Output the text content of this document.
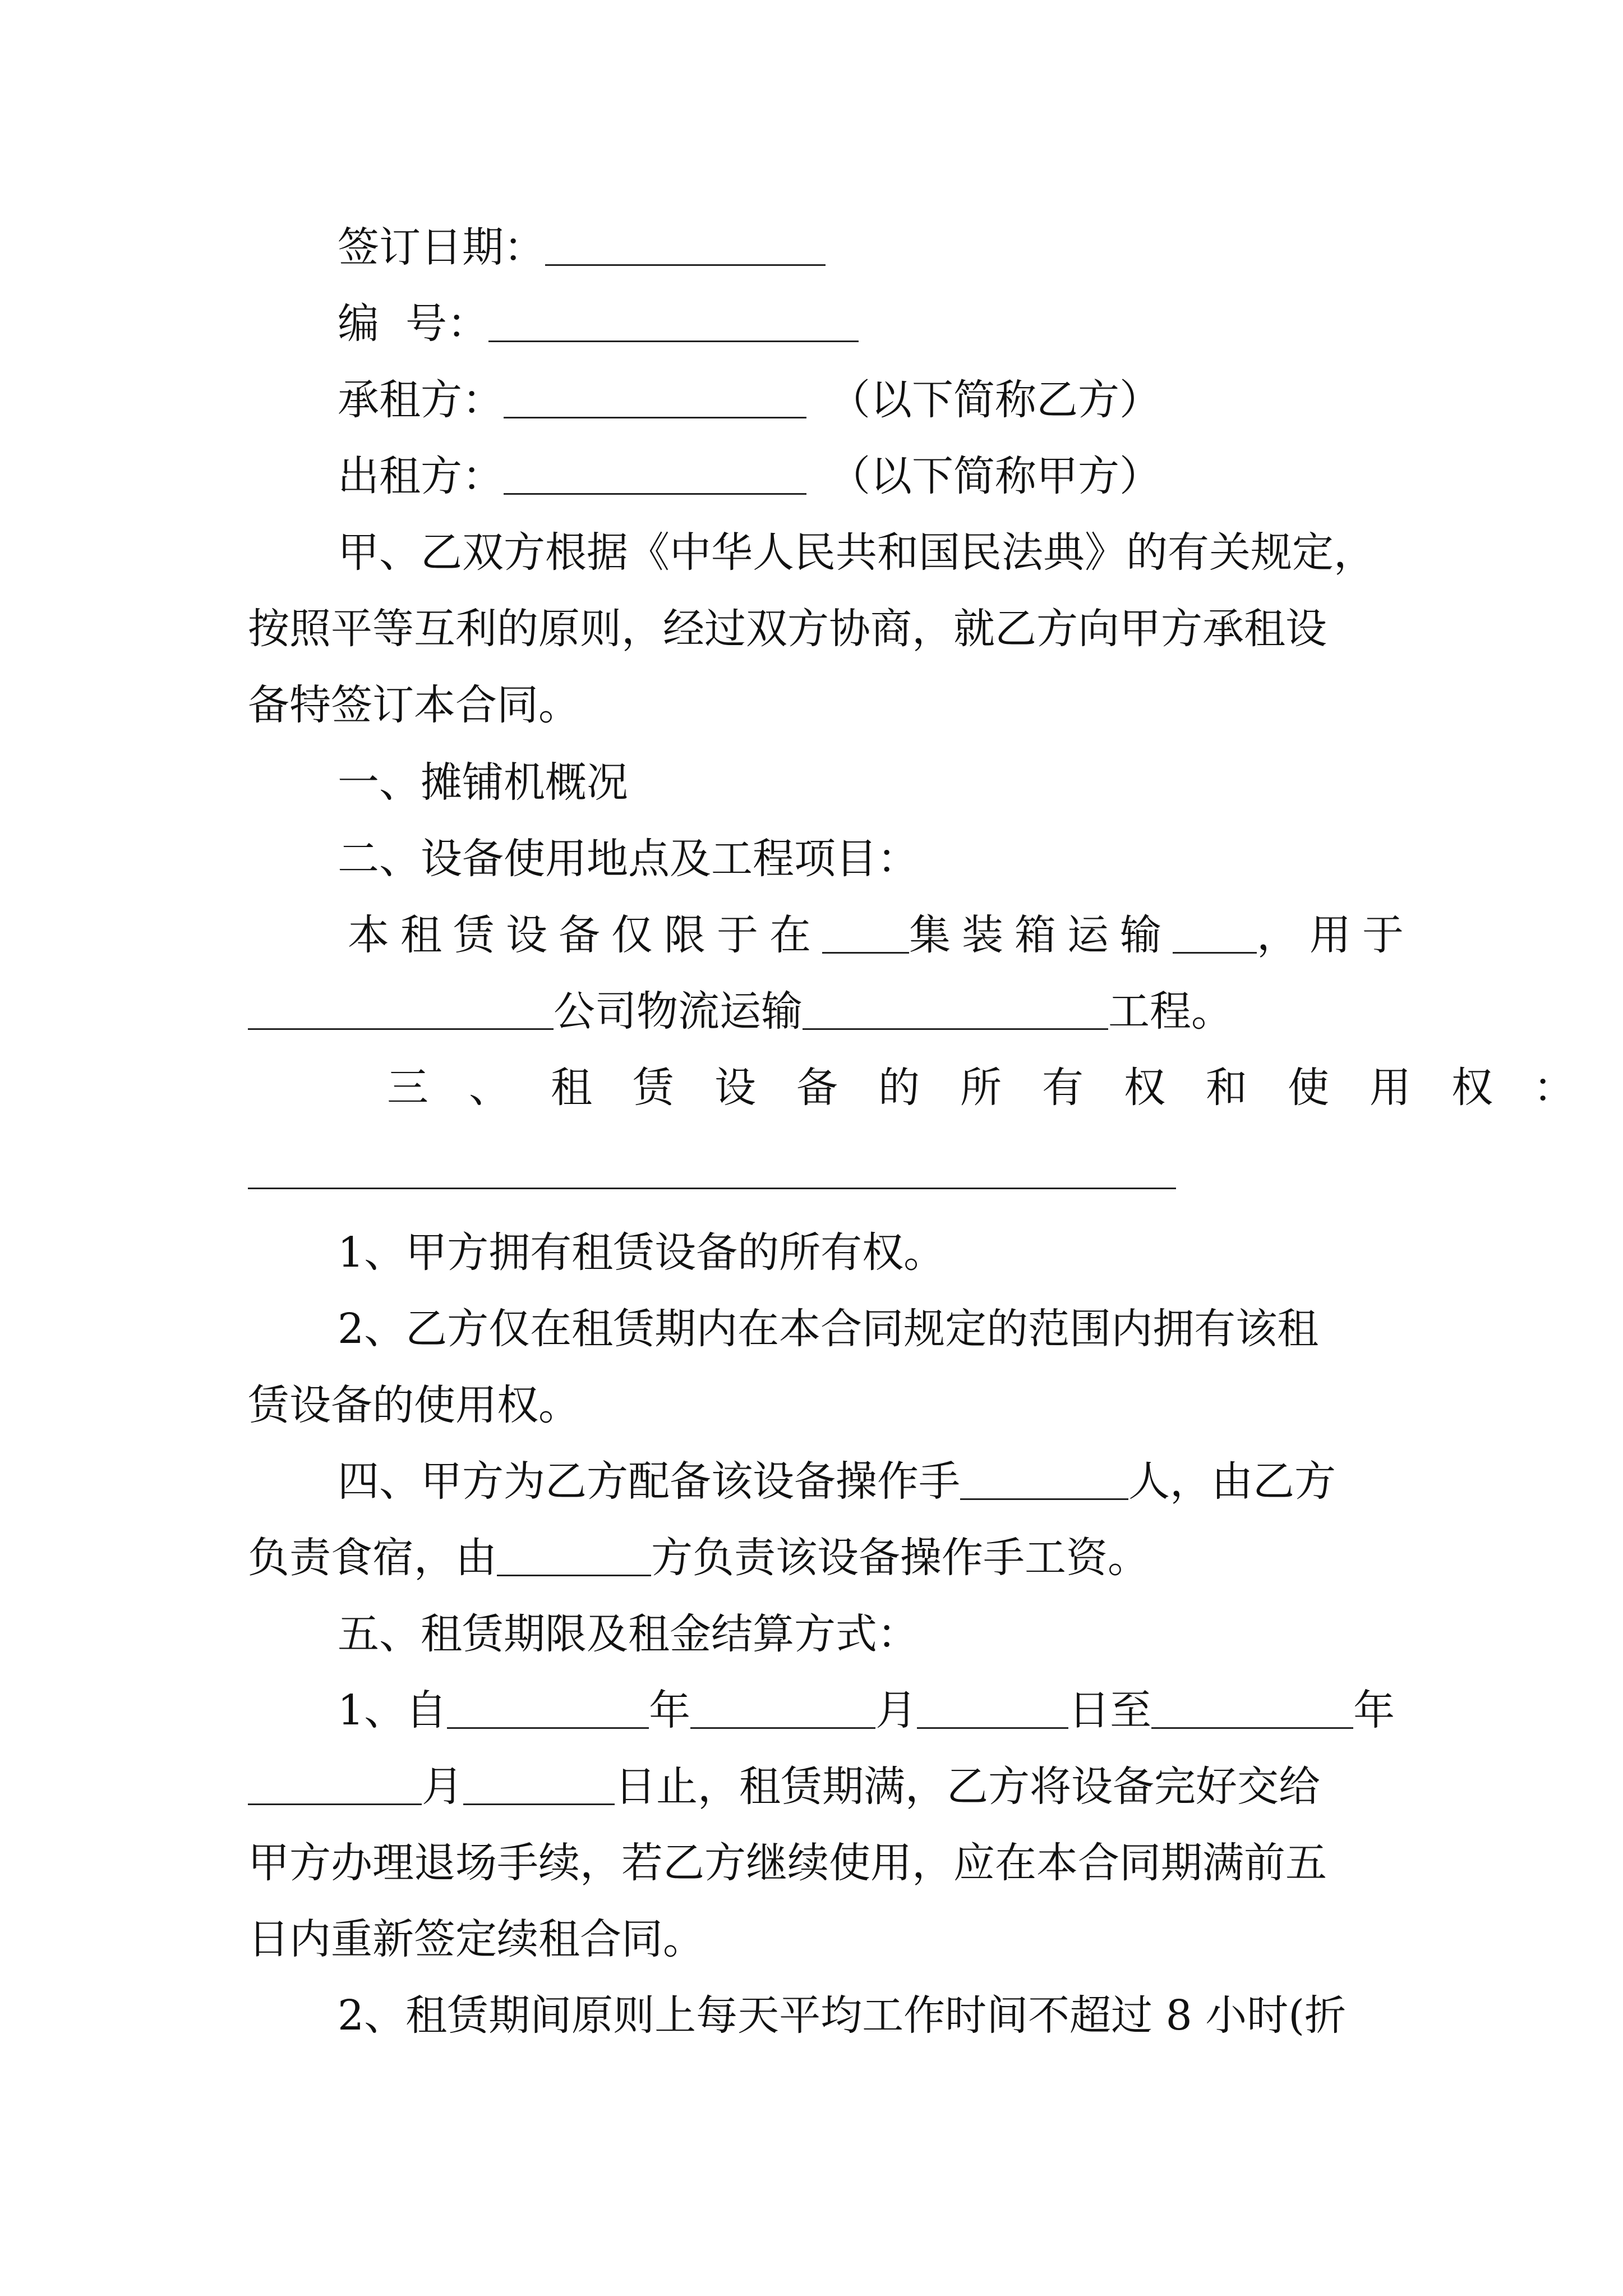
签订日期：
编  号：
承租方：	（以下简称乙方）
出租方：	（以下简称甲方）
甲、乙双方根据《中华人民共和国民法典》的有关规定，
按照平等互利的原则，经过双方协商，就乙方向甲方承租设
备特签订本合同。
一、摊铺机概况
二、设备使用地点及工程项目：
本租赁设备仅限于在 集装箱运输 ，用于
公司物流运输	工程。
三、租赁设备的所有权和使用权：
1、甲方拥有租赁设备的所有权。
2、乙方仅在租赁期内在本合同规定的范围内拥有该租
赁设备的使用权。
四、甲方为乙方配备该设备操作手	人，由乙方
负责食宿，由	方负责该设备操作手工资。
五、租赁期限及租金结算方式：
1、自	年	月	日至	年
月	日止，租赁期满，乙方将设备完好交给
甲方办理退场手续，若乙方继续使用，应在本合同期满前五
日内重新签定续租合同。
2、租赁期间原则上每天平均工作时间不超过 8 小时(折
